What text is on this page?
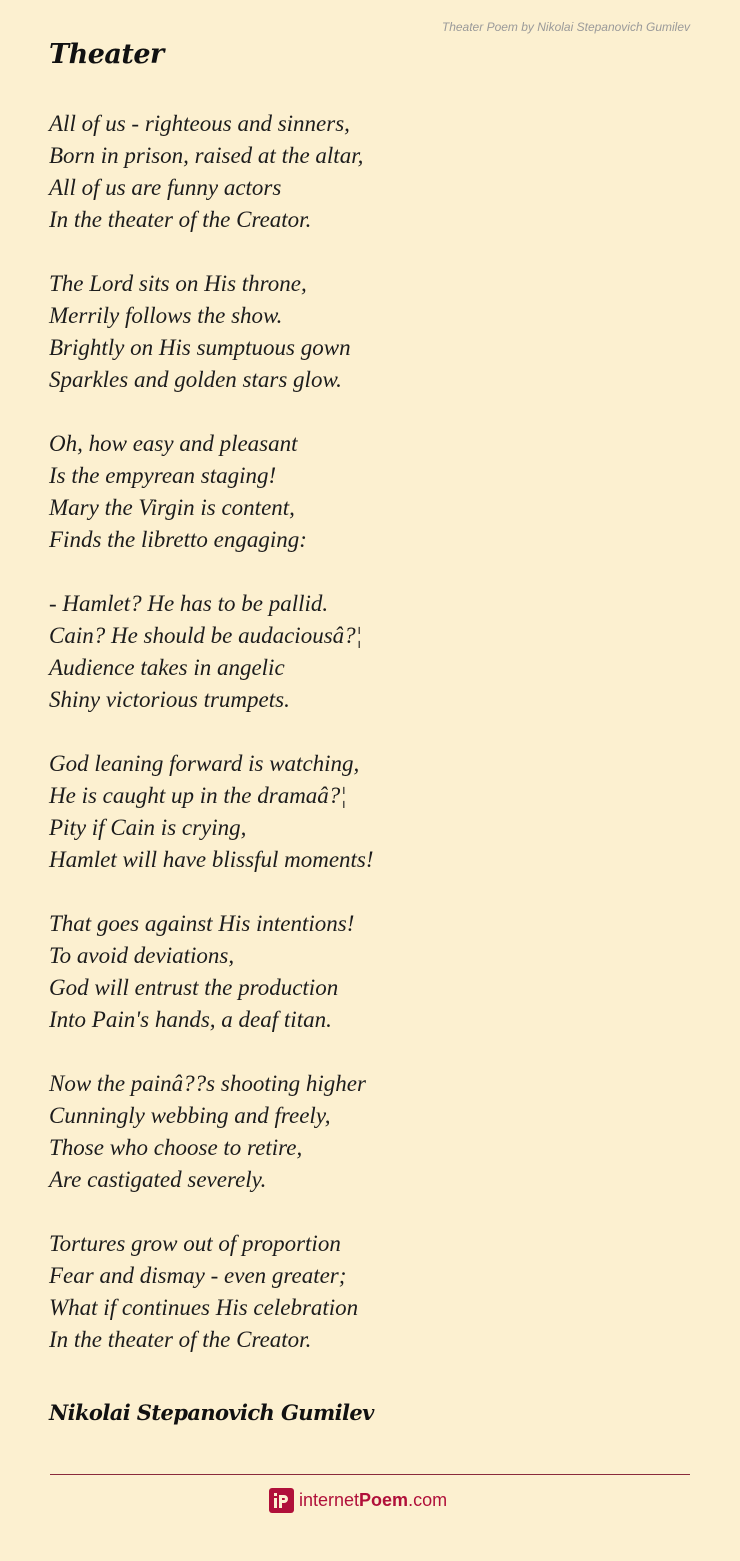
Theater Poem by Nikolai Stepanovich Gumilev
Theater
All of us - righteous and sinners,
Born in prison, raised at the altar,
All of us are funny actors
In the theater of the Creator.
The Lord sits on His throne,
Merrily follows the show.
Brightly on His sumptuous gown
Sparkles and golden stars glow.
Oh, how easy and pleasant
Is the empyrean staging!
Mary the Virgin is content,
Finds the libretto engaging:
- Hamlet? He has to be pallid.
Cain? He should be audaciousâ?¦
Audience takes in angelic
Shiny victorious trumpets.
God leaning forward is watching,
He is caught up in the dramaâ?¦
Pity if Cain is crying,
Hamlet will have blissful moments!
That goes against His intentions!
To avoid deviations,
God will entrust the production
Into Pain's hands, a deaf titan.
Now the painâ??s shooting higher
Cunningly webbing and freely,
Those who choose to retire,
Are castigated severely.
Tortures grow out of proportion
Fear and dismay - even greater;
What if continues His celebration
In the theater of the Creator.

Nikolai Stepanovich Gumilev

internetPoem.com
